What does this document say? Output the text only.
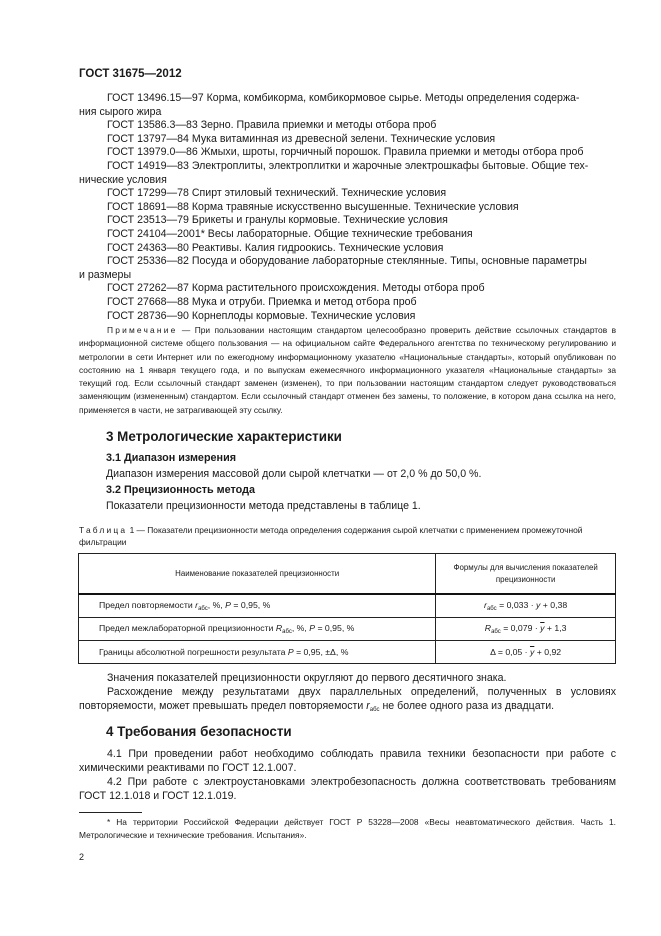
ГОСТ 31675—2012
ГОСТ 13496.15—97 Корма, комбикорма, комбикормовое сырье. Методы определения содержа-
ния сырого жира
ГОСТ 13586.3—83 Зерно. Правила приемки и методы отбора проб
ГОСТ 13797—84 Мука витаминная из древесной зелени. Технические условия
ГОСТ 13979.0—86 Жмыхи, шроты, горчичный порошок. Правила приемки и методы отбора проб
ГОСТ 14919—83 Электроплиты, электроплитки и жарочные электрошкафы бытовые. Общие тех-
нические условия
ГОСТ 17299—78 Спирт этиловый технический. Технические условия
ГОСТ 18691—88 Корма травяные искусственно высушенные. Технические условия
ГОСТ 23513—79 Брикеты и гранулы кормовые. Технические условия
ГОСТ 24104—2001* Весы лабораторные. Общие технические требования
ГОСТ 24363—80 Реактивы. Калия гидроокись. Технические условия
ГОСТ 25336—82 Посуда и оборудование лабораторные стеклянные. Типы, основные параметры
и размеры
ГОСТ 27262—87 Корма растительного происхождения. Методы отбора проб
ГОСТ 27668—88 Мука и отруби. Приемка и метод отбора проб
ГОСТ 28736—90 Корнеплоды кормовые. Технические условия
Примечание — При пользовании настоящим стандартом целесообразно проверить действие ссылочных стандартов в информационной системе общего пользования — на официальном сайте Федерального агентства по техническому регулированию и метрологии в сети Интернет или по ежегодному информационному указателю «Национальные стандарты», который опубликован по состоянию на 1 января текущего года, и по выпускам ежемесячного информационного указателя «Национальные стандарты» за текущий год. Если ссылочный стандарт заменен (изменен), то при пользовании настоящим стандартом следует руководствоваться заменяющим (измененным) стандартом. Если ссылочный стандарт отменен без замены, то положение, в котором дана ссылка на него, применяется в части, не затрагивающей эту ссылку.
3 Метрологические характеристики
3.1 Диапазон измерения
Диапазон измерения массовой доли сырой клетчатки — от 2,0 % до 50,0 %.
3.2 Прецизионность метода
Показатели прецизионности метода представлены в таблице 1.
Таблица 1 — Показатели прецизионности метода определения содержания сырой клетчатки с применением промежуточной фильтрации
Наименование показателей прецизионности	Формулы для вычисления показателей прецизионности
Предел повторяемости $r_{абс}$, %, P = 0,95, %	$r_{абс} = 0,033 \cdot y + 0,38$
Предел межлабораторной прецизионности $R_{абс}$, %, P = 0,95, %	$R_{абс} = 0,079 \cdot \overline{y} + 1,3$
Границы абсолютной погрешности результата P = 0,95, ±Δ, %	$\Delta = 0,05 \cdot \overline{y} + 0,92$
Значения показателей прецизионности округляют до первого десятичного знака.
Расхождение между результатами двух параллельных определений, полученных в условиях повторяемости, может превышать предел повторяемости $r_{абс}$ не более одного раза из двадцати.
4 Требования безопасности
4.1 При проведении работ необходимо соблюдать правила техники безопасности при работе с химическими реактивами по ГОСТ 12.1.007.
4.2 При работе с электроустановками электробезопасность должна соответствовать требованиям ГОСТ 12.1.018 и ГОСТ 12.1.019.
* На территории Российской Федерации действует ГОСТ Р 53228—2008 «Весы неавтоматического действия. Часть 1. Метрологические и технические требования. Испытания».
2
